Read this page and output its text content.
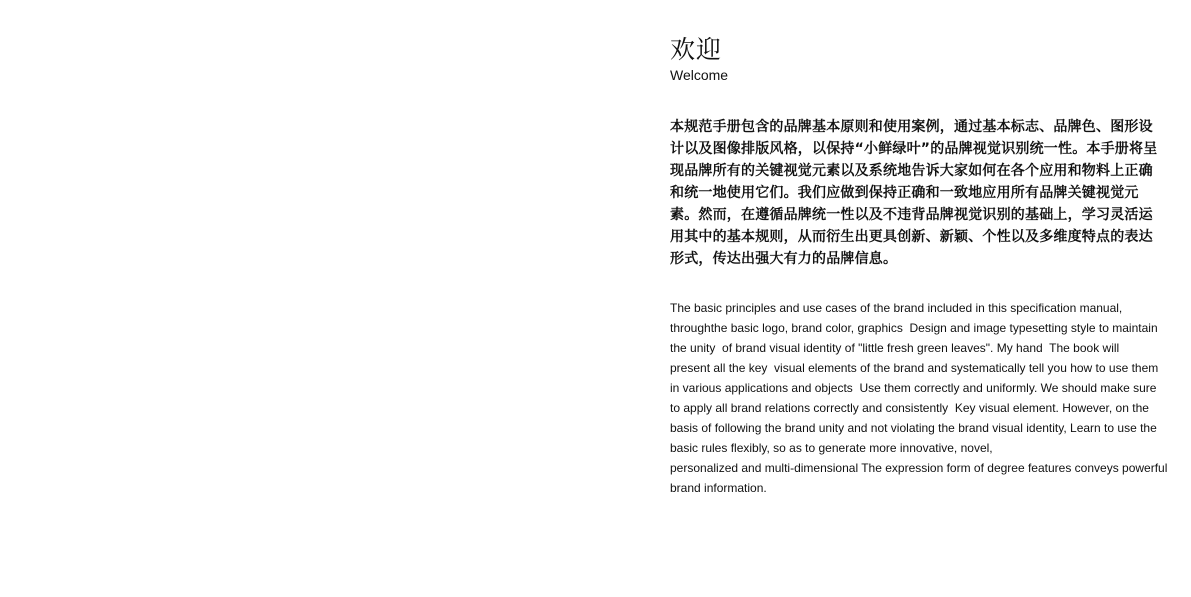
欢迎
Welcome

本规范手册包含的品牌基本原则和使用案例，通过基本标志、品牌色、图形设计以及图像排版风格，以保持“小鲜绿叶”的品牌视觉识别统一性。本手册将呈现品牌所有的关键视觉元素以及系统地告诉大家如何在各个应用和物料上正确和统一地使用它们。我们应做到保持正确和一致地应用所有品牌关键视觉元素。然而，在遵循品牌统一性以及不违背品牌视觉识别的基础上，学习灵活运用其中的基本规则，从而衍生出更具创新、新颖、个性以及多维度特点的表达形式，传达出强大有力的品牌信息。

The basic principles and use cases of the brand included in this specification manual,
throughthe basic logo, brand color, graphics  Design and image typesetting style to maintain
the unity  of brand visual identity of "little fresh green leaves". My hand  The book will
present all the key  visual elements of the brand and systematically tell you how to use them
in various applications and objects  Use them correctly and uniformly. We should make sure
to apply all brand relations correctly and consistently  Key visual element. However, on the
basis of following the brand unity and not violating the brand visual identity, Learn to use the
basic rules flexibly, so as to generate more innovative, novel,
personalized and multi-dimensional The expression form of degree features conveys powerful
brand information.
